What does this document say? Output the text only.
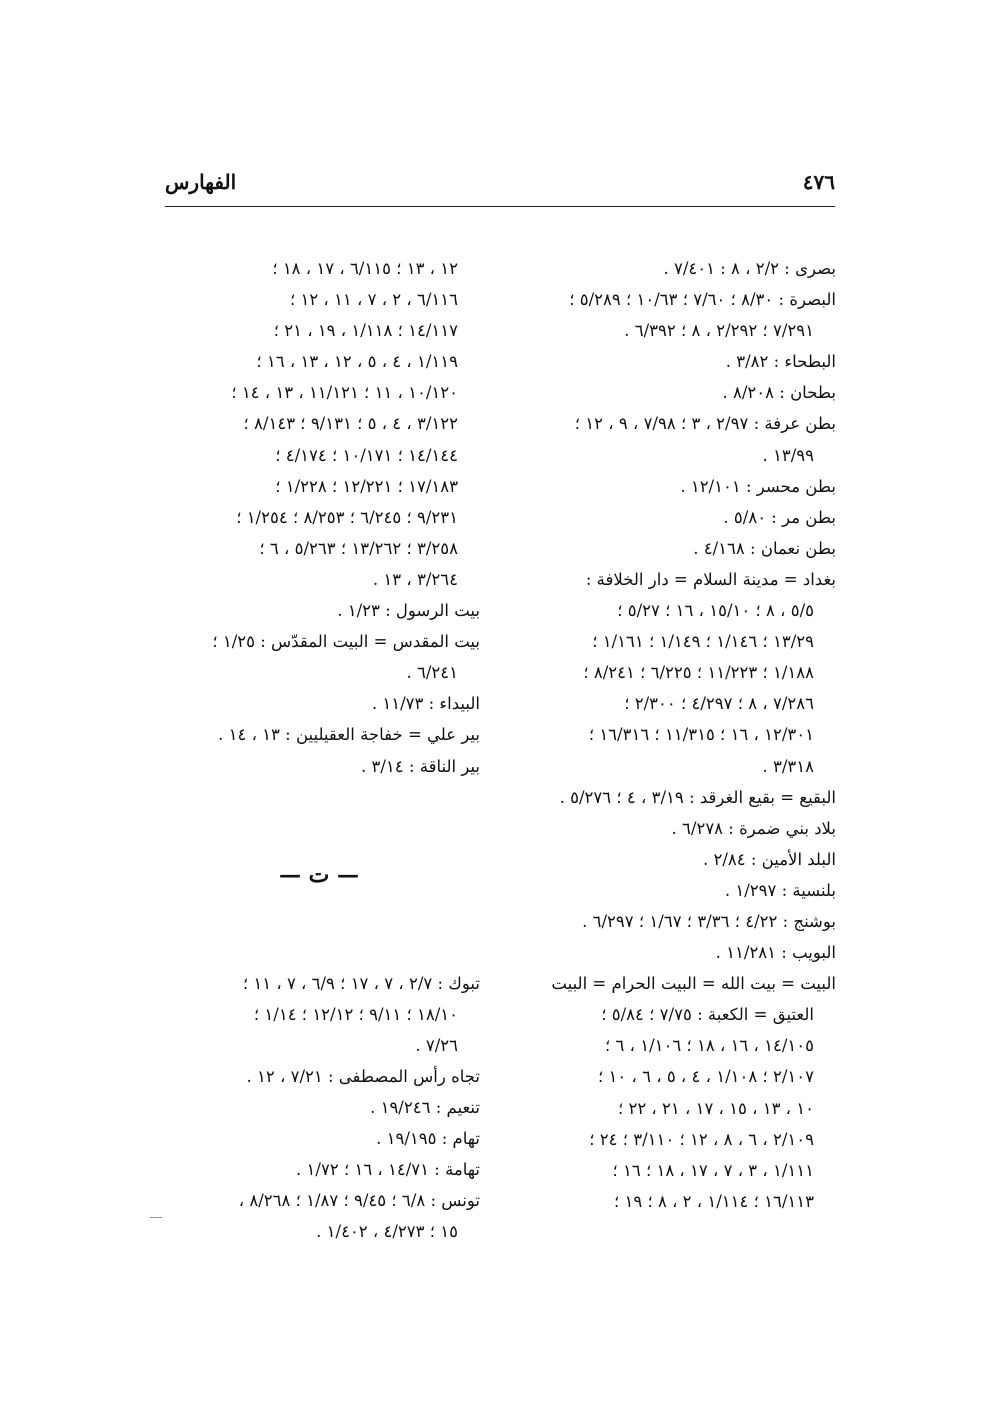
٤٧٦
الفهارس
بصرى : ٢/٢ ، ٨ : ٧/٤٠١ .
البصرة : ٨/٣٠ ؛ ٧/٦٠ ؛ ١٠/٦٣ ؛ ٥/٢٨٩ ؛
٧/٢٩١ ؛ ٢/٢٩٢ ، ٨ ؛ ٦/٣٩٢ .
البطحاء : ٣/٨٢ .
بطحان : ٨/٢٠٨ .
بطن عرفة : ٢/٩٧ ، ٣ ؛ ٧/٩٨ ، ٩ ، ١٢ ؛
١٣/٩٩ .
بطن محسر : ١٢/١٠١ .
بطن مر : ٥/٨٠ .
بطن نعمان : ٤/١٦٨ .
بغداد = مدينة السلام = دار الخلافة :
٥/٥ ، ٨ ؛ ١٥/١٠ ، ١٦ ؛ ٥/٢٧ ؛
١٣/٢٩ ؛ ١/١٤٦ ؛ ١/١٤٩ ؛ ١/١٦١ ؛
١/١٨٨ ؛ ١١/٢٢٣ ؛ ٦/٢٢٥ ؛ ٨/٢٤١ ؛
٧/٢٨٦ ، ٨ ؛ ٤/٢٩٧ ؛ ٢/٣٠٠ ؛
١٢/٣٠١ ، ١٦ ؛ ١١/٣١٥ ؛ ١٦/٣١٦ ؛
٣/٣١٨ .
البقيع = بقيع الغرقد : ٣/١٩ ، ٤ ؛ ٥/٢٧٦ .
بلاد بني ضمرة : ٦/٢٧٨ .
البلد الأمين : ٢/٨٤ .
بلنسية : ١/٢٩٧ .
بوشنج : ٤/٢٢ ؛ ٣/٣٦ ؛ ١/٦٧ ؛ ٦/٢٩٧ .
البويب : ١١/٢٨١ .
البيت = بيت الله = البيت الحرام = البيت
العتيق = الكعبة : ٧/٧٥ ؛ ٥/٨٤ ؛
١٤/١٠٥ ، ١٦ ، ١٨ ؛ ١/١٠٦ ، ٦ ؛
٢/١٠٧ ؛ ١/١٠٨ ، ٤ ، ٥ ، ٦ ، ١٠ ؛
١٠ ، ١٣ ، ١٥ ، ١٧ ، ٢١ ، ٢٢ ؛
٢/١٠٩ ، ٦ ، ٨ ، ١٢ ؛ ٣/١١٠ ؛ ٢٤ ؛
١/١١١ ، ٣ ، ٧ ، ١٧ ، ١٨ ؛ ١٦ ؛
١٦/١١٣ ؛ ١/١١٤ ، ٢ ، ٨ ؛ ١٩ ؛
١٢ ، ١٣ ؛ ٦/١١٥ ، ١٧ ، ١٨ ؛
٦/١١٦ ، ٢ ، ٧ ، ١١ ، ١٢ ؛
١٤/١١٧ ؛ ١/١١٨ ، ١٩ ، ٢١ ؛
١/١١٩ ، ٤ ، ٥ ، ١٢ ، ١٣ ، ١٦ ؛
١٠/١٢٠ ، ١١ ؛ ١١/١٢١ ، ١٣ ، ١٤ ؛
٣/١٢٢ ، ٤ ، ٥ ؛ ٩/١٣١ ؛ ٨/١٤٣ ؛
١٤/١٤٤ ؛ ١٠/١٧١ ؛ ٤/١٧٤ ؛
١٧/١٨٣ ؛ ١٢/٢٢١ ؛ ١/٢٢٨ ؛
٩/٢٣١ ؛ ٦/٢٤٥ ؛ ٨/٢٥٣ ؛ ١/٢٥٤ ؛
٣/٢٥٨ ؛ ١٣/٢٦٢ ؛ ٥/٢٦٣ ، ٦ ؛
٣/٢٦٤ ، ١٣ .
بيت الرسول : ١/٢٣ .
بيت المقدس = البيت المقدّس : ١/٢٥ ؛
٦/٢٤١ .
البيداء : ١١/٧٣ .
بير علي = خفاجة العقيليين : ١٣ ، ١٤ .
بير الناقة : ٣/١٤ .
— ت —
تبوك : ٢/٧ ، ٧ ، ١٧ ؛ ٦/٩ ، ٧ ، ١١ ؛
١٨/١٠ ؛ ٩/١١ ؛ ١٢/١٢ ؛ ١/١٤ ؛
٧/٢٦ .
تجاه رأس المصطفى : ٧/٢١ ، ١٢ .
تنعيم : ١٩/٢٤٦ .
تهام : ١٩/١٩٥ .
تهامة : ١٤/٧١ ، ١٦ ؛ ١/٧٢ .
تونس : ٦/٨ ؛ ٩/٤٥ ؛ ١/٨٧ ؛ ٨/٢٦٨ ،
١٥ ؛ ٤/٢٧٣ ، ١/٤٠٢ .
